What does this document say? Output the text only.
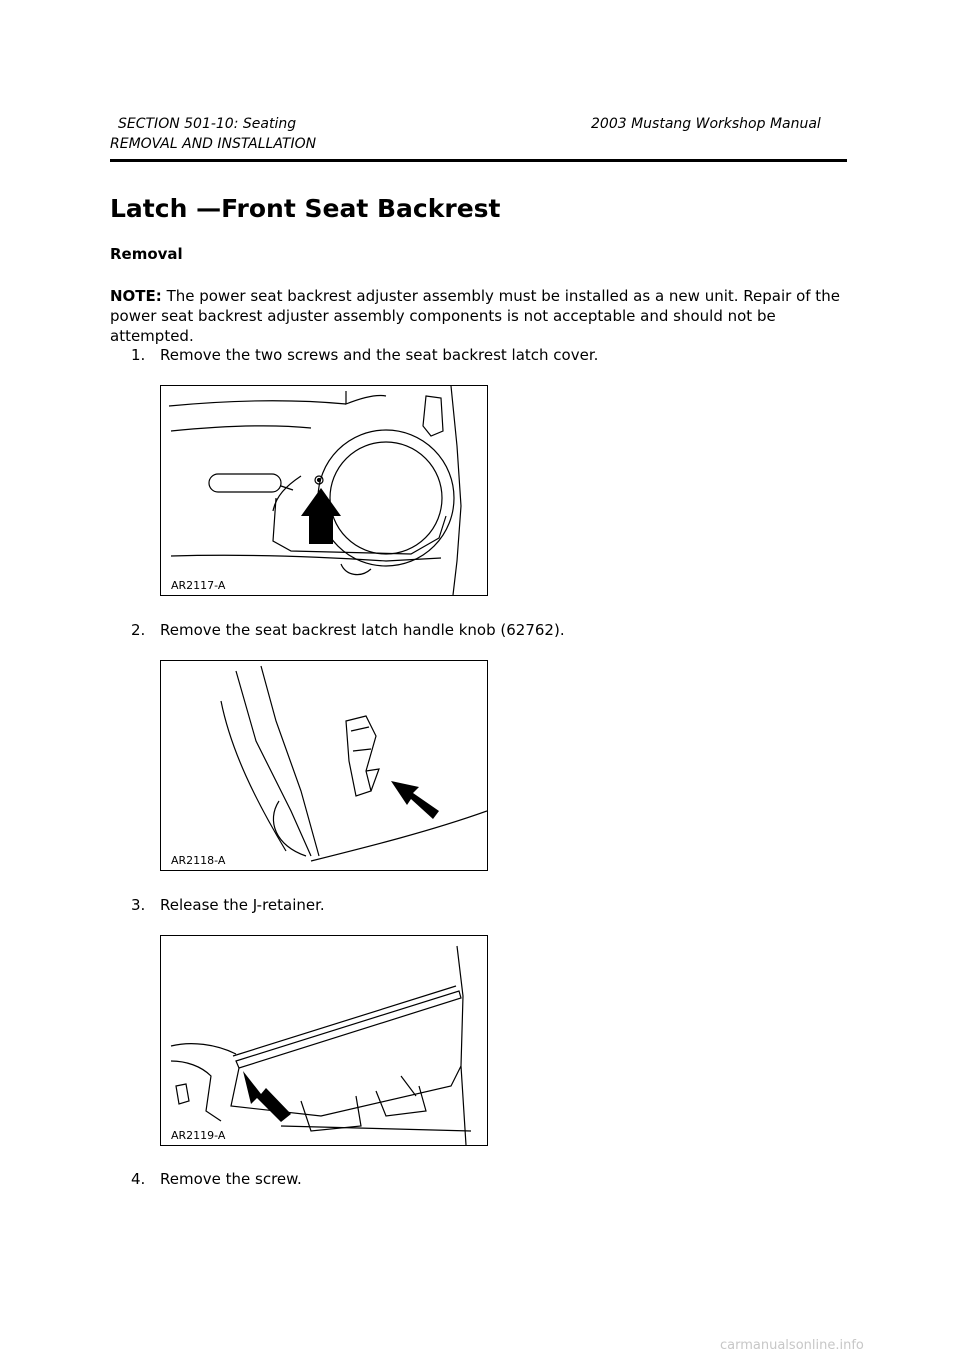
SECTION 501-10: Seating	2003 Mustang Workshop Manual
REMOVAL AND INSTALLATION
Latch —Front Seat Backrest
Removal
NOTE: The power seat backrest adjuster assembly must be installed as a new unit. Repair of the power seat backrest adjuster assembly components is not acceptable and should not be attempted.
1. Remove the two screws and the seat backrest latch cover.
AR2117-A
2. Remove the seat backrest latch handle knob (62762).
AR2118-A
3. Release the J-retainer.
AR2119-A
4. Remove the screw.
carmanualsonline.info
